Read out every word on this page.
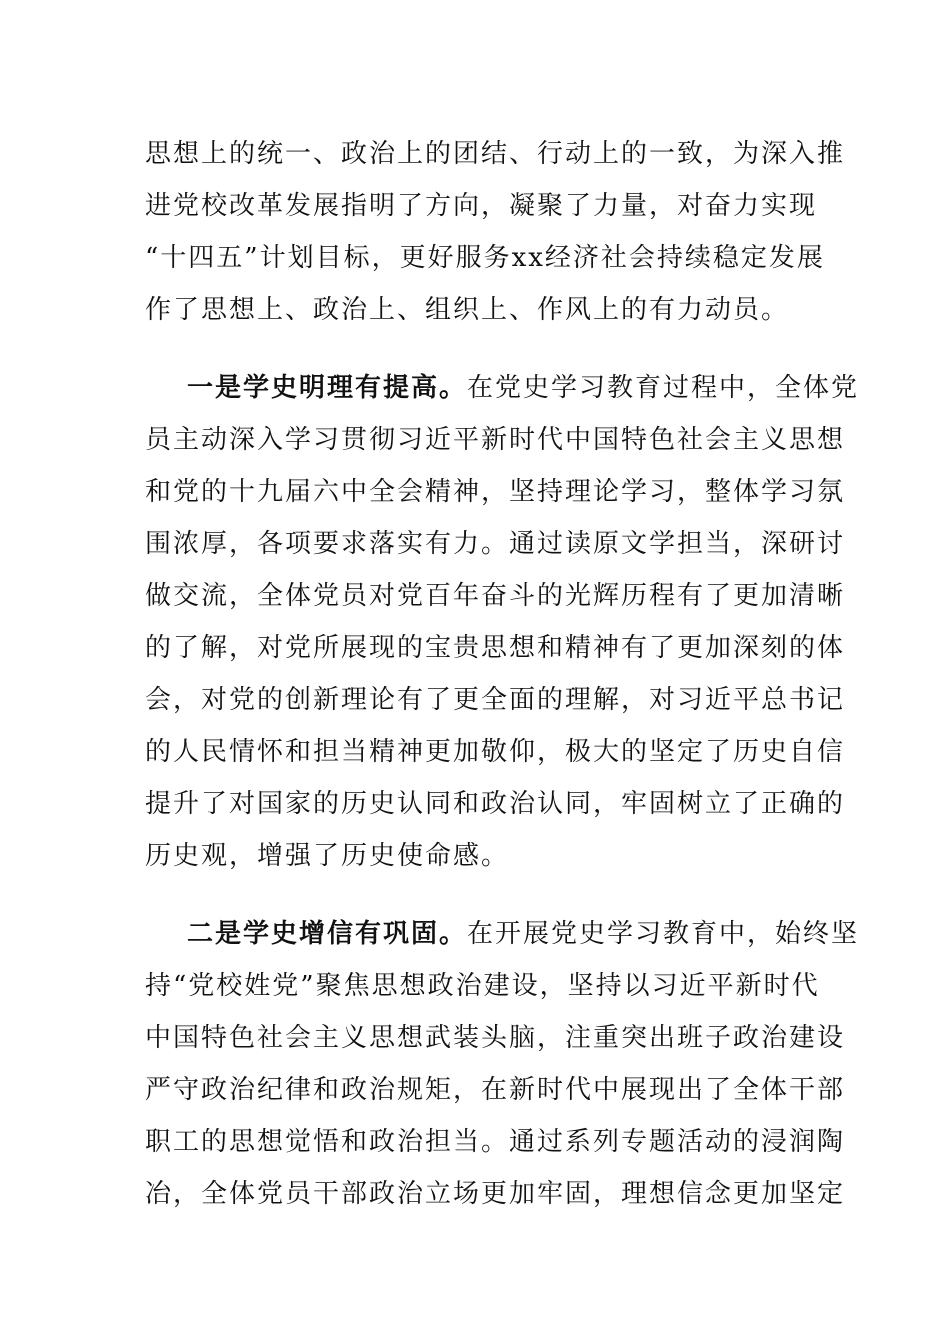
思想上的统一、政治上的团结、行动上的一致，为深入推
进党校改革发展指明了方向，凝聚了力量，对奋力实现
“十四五”计划目标，更好服务xx经济社会持续稳定发展
作了思想上、政治上、组织上、作风上的有力动员。
一是学史明理有提高。在党史学习教育过程中，全体党
员主动深入学习贯彻习近平新时代中国特色社会主义思想
和党的十九届六中全会精神，坚持理论学习，整体学习氛
围浓厚，各项要求落实有力。通过读原文学担当，深研讨
做交流，全体党员对党百年奋斗的光辉历程有了更加清晰
的了解，对党所展现的宝贵思想和精神有了更加深刻的体
会，对党的创新理论有了更全面的理解，对习近平总书记
的人民情怀和担当精神更加敬仰，极大的坚定了历史自信
提升了对国家的历史认同和政治认同，牢固树立了正确的
历史观，增强了历史使命感。
二是学史增信有巩固。在开展党史学习教育中，始终坚
持“党校姓党”聚焦思想政治建设，坚持以习近平新时代
中国特色社会主义思想武装头脑，注重突出班子政治建设
严守政治纪律和政治规矩，在新时代中展现出了全体干部
职工的思想觉悟和政治担当。通过系列专题活动的浸润陶
冶，全体党员干部政治立场更加牢固，理想信念更加坚定
